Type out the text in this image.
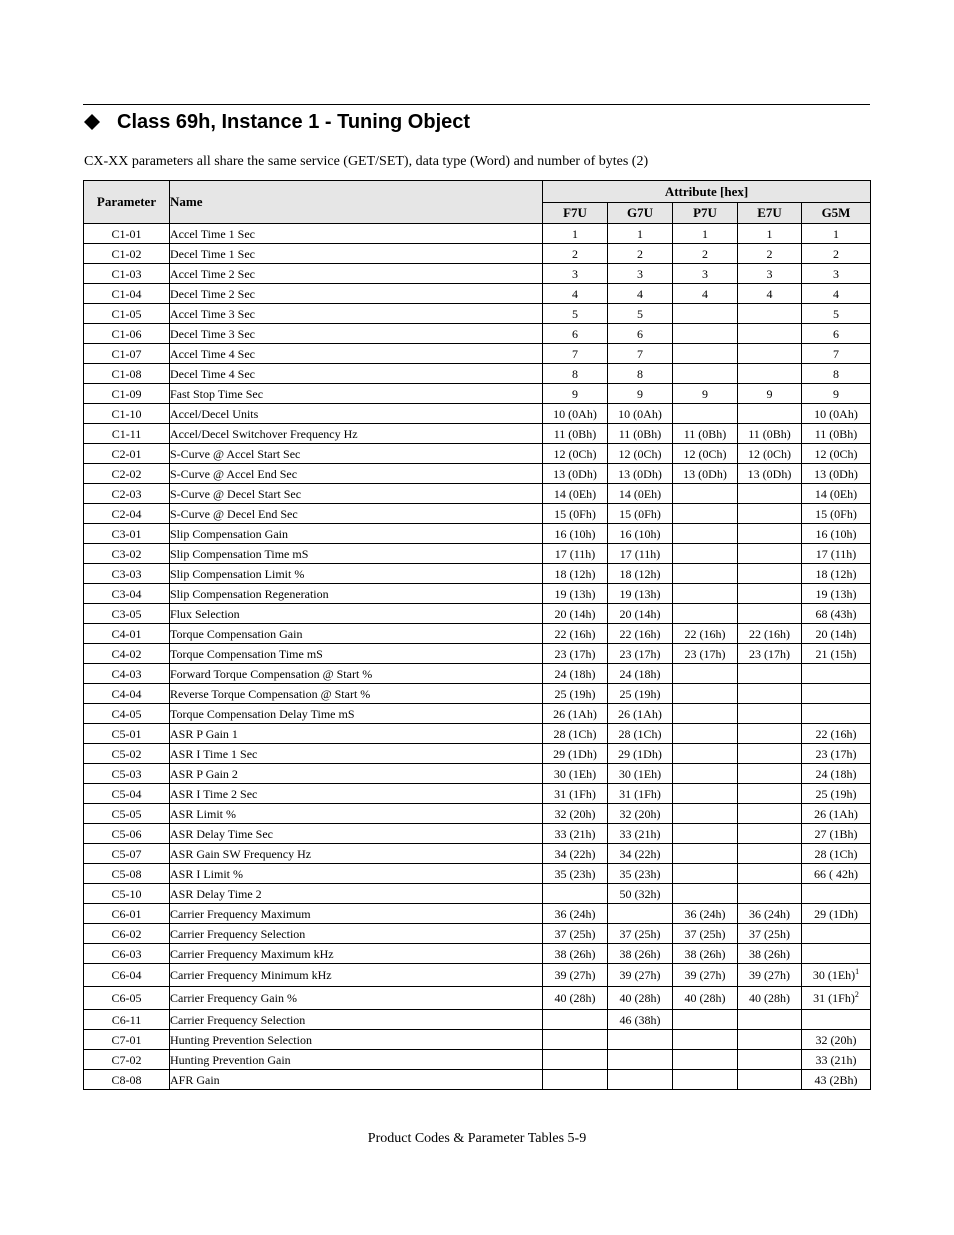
Class 69h, Instance 1 - Tuning Object
CX-XX parameters all share the same service (GET/SET), data type (Word) and number of bytes (2)
Parameter	Name	Attribute [hex]				
		F7U	G7U	P7U	E7U	G5M
C1-01	Accel Time 1 Sec	1	1	1	1	1
C1-02	Decel Time 1 Sec	2	2	2	2	2
C1-03	Accel Time 2 Sec	3	3	3	3	3
C1-04	Decel Time 2 Sec	4	4	4	4	4
C1-05	Accel Time 3 Sec	5	5			5
C1-06	Decel Time 3 Sec	6	6			6
C1-07	Accel Time 4 Sec	7	7			7
C1-08	Decel Time 4 Sec	8	8			8
C1-09	Fast Stop Time Sec	9	9	9	9	9
C1-10	Accel/Decel Units	10 (0Ah)	10 (0Ah)			10 (0Ah)
C1-11	Accel/Decel Switchover Frequency Hz	11 (0Bh)	11 (0Bh)	11 (0Bh)	11 (0Bh)	11 (0Bh)
C2-01	S-Curve @ Accel Start Sec	12 (0Ch)	12 (0Ch)	12 (0Ch)	12 (0Ch)	12 (0Ch)
C2-02	S-Curve @ Accel End Sec	13 (0Dh)	13 (0Dh)	13 (0Dh)	13 (0Dh)	13 (0Dh)
C2-03	S-Curve @ Decel Start Sec	14 (0Eh)	14 (0Eh)			14 (0Eh)
C2-04	S-Curve @ Decel End Sec	15 (0Fh)	15 (0Fh)			15 (0Fh)
C3-01	Slip Compensation Gain	16 (10h)	16 (10h)			16 (10h)
C3-02	Slip Compensation Time mS	17 (11h)	17 (11h)			17 (11h)
C3-03	Slip Compensation Limit %	18 (12h)	18 (12h)			18 (12h)
C3-04	Slip Compensation Regeneration	19 (13h)	19 (13h)			19 (13h)
C3-05	Flux Selection	20 (14h)	20 (14h)			68 (43h)
C4-01	Torque Compensation Gain	22 (16h)	22 (16h)	22 (16h)	22 (16h)	20 (14h)
C4-02	Torque Compensation Time mS	23 (17h)	23 (17h)	23 (17h)	23 (17h)	21 (15h)
C4-03	Forward Torque Compensation @ Start %	24 (18h)	24 (18h)			
C4-04	Reverse Torque Compensation @ Start %	25 (19h)	25 (19h)			
C4-05	Torque Compensation Delay Time mS	26 (1Ah)	26 (1Ah)			
C5-01	ASR P Gain 1	28 (1Ch)	28 (1Ch)			22 (16h)
C5-02	ASR I Time 1 Sec	29 (1Dh)	29 (1Dh)			23 (17h)
C5-03	ASR P Gain 2	30 (1Eh)	30 (1Eh)			24 (18h)
C5-04	ASR I Time 2 Sec	31 (1Fh)	31 (1Fh)			25 (19h)
C5-05	ASR Limit %	32 (20h)	32 (20h)			26 (1Ah)
C5-06	ASR Delay Time Sec	33 (21h)	33 (21h)			27 (1Bh)
C5-07	ASR Gain SW Frequency Hz	34 (22h)	34 (22h)			28 (1Ch)
C5-08	ASR I Limit %	35 (23h)	35 (23h)			66 ( 42h)
C5-10	ASR Delay Time 2		50 (32h)			
C6-01	Carrier Frequency Maximum	36 (24h)		36 (24h)	36 (24h)	29 (1Dh)
C6-02	Carrier Frequency Selection	37 (25h)	37 (25h)	37 (25h)	37 (25h)	
C6-03	Carrier Frequency Maximum kHz	38 (26h)	38 (26h)	38 (26h)	38 (26h)	
C6-04	Carrier Frequency Minimum kHz	39 (27h)	39 (27h)	39 (27h)	39 (27h)	30 $(1Eh)^1$
C6-05	Carrier Frequency Gain %	40 (28h)	40 (28h)	40 (28h)	40 (28h)	31 $(1Fh)^2$
C6-11	Carrier Frequency Selection		46 (38h)			
C7-01	Hunting Prevention Selection					32 (20h)
C7-02	Hunting Prevention Gain					33 (21h)
C8-08	AFR Gain					43 (2Bh)
Product Codes & Parameter Tables 5-9
